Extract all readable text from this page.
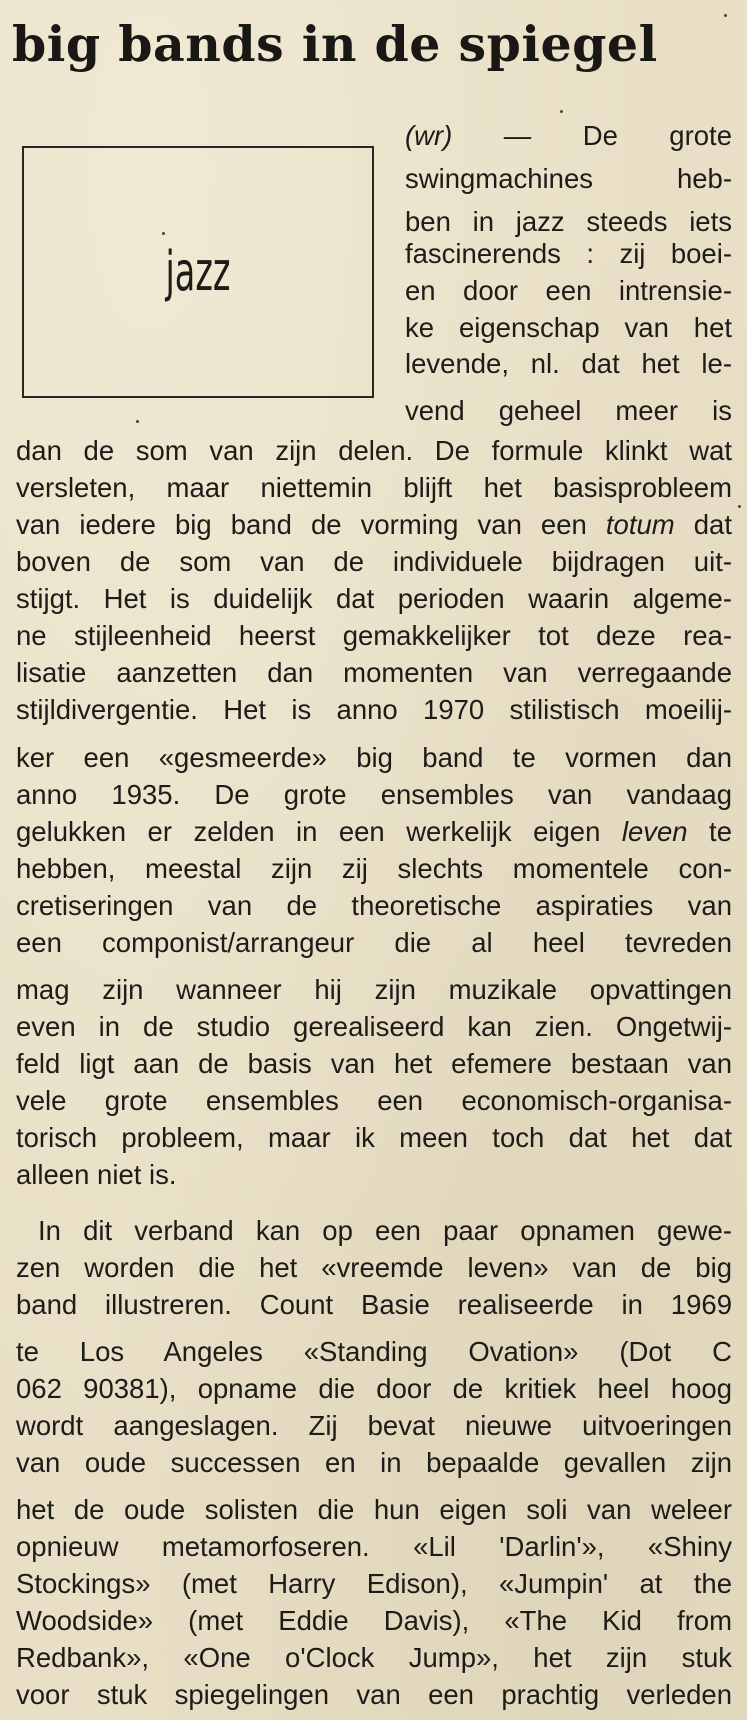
big bands in de spiegel
jazz
(wr) — De grote
swingmachines heb-
ben in jazz steeds iets
fascinerends : zij boei-
en door een intrensie-
ke eigenschap van het
levende, nl. dat het le-
vend geheel meer is
dan de som van zijn delen. De formule klinkt wat
versleten, maar niettemin blijft het basisprobleem
van iedere big band de vorming van een totum dat
boven de som van de individuele bijdragen uit-
stijgt. Het is duidelijk dat perioden waarin algeme-
ne stijleenheid heerst gemakkelijker tot deze rea-
lisatie aanzetten dan momenten van verregaande
stijldivergentie. Het is anno 1970 stilistisch moeilij-
ker een «gesmeerde» big band te vormen dan
anno 1935. De grote ensembles van vandaag
gelukken er zelden in een werkelijk eigen leven te
hebben, meestal zijn zij slechts momentele con-
cretiseringen van de theoretische aspiraties van
een componist/arrangeur die al heel tevreden
mag zijn wanneer hij zijn muzikale opvattingen
even in de studio gerealiseerd kan zien. Ongetwij-
feld ligt aan de basis van het efemere bestaan van
vele grote ensembles een economisch-organisa-
torisch probleem, maar ik meen toch dat het dat
alleen niet is.
In dit verband kan op een paar opnamen gewe-
zen worden die het «vreemde leven» van de big
band illustreren. Count Basie realiseerde in 1969
te Los Angeles «Standing Ovation» (Dot C
062 90381), opname die door de kritiek heel hoog
wordt aangeslagen. Zij bevat nieuwe uitvoeringen
van oude successen en in bepaalde gevallen zijn
het de oude solisten die hun eigen soli van weleer
opnieuw metamorfoseren. «Lil 'Darlin'», «Shiny
Stockings» (met Harry Edison), «Jumpin' at the
Woodside» (met Eddie Davis), «The Kid from
Redbank», «One o'Clock Jump», het zijn stuk
voor stuk spiegelingen van een prachtig verleden
